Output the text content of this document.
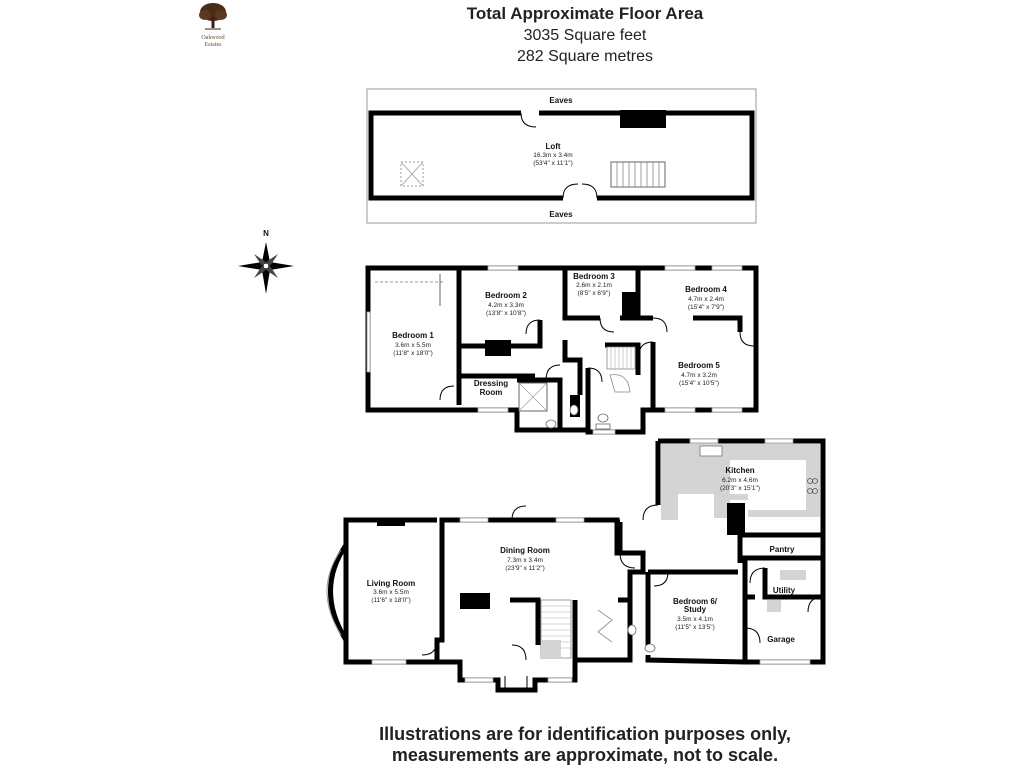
Oakwood
Estates
Total Approximate Floor Area
3035 Square feet
282 Square metres
Eaves
Eaves
Loft
16.3m x 3.4m
(53'4" x 11'1")
N
Bedroom 1
3.6m x 5.5m
(11'8" x 18'0")
Bedroom 2
4.2m x 3.3m
(13'8" x 10'8")
Bedroom 3
2.6m x 2.1m
(8'5" x 6'9")	Bedroom 4
4.7m x 2.4m
(15'4" x 7'9")
Bedroom 5
4.7m x 3.2m
(15'4" x 10'5")
Dressing
Room
Kitchen
6.2m x 4.6m
(20'3" x 15'1")
Dining Room
7.3m x 3.4m
(23'9" x 11'2")
Living Room
3.6m x 5.5m
(11'6" x 18'0")	Bedroom 6/
Study
3.5m x 4.1m
(11'5" x 13'5")
Pantry
Utility
Garage
Illustrations are for identification purposes only,
measurements are approximate, not to scale.
